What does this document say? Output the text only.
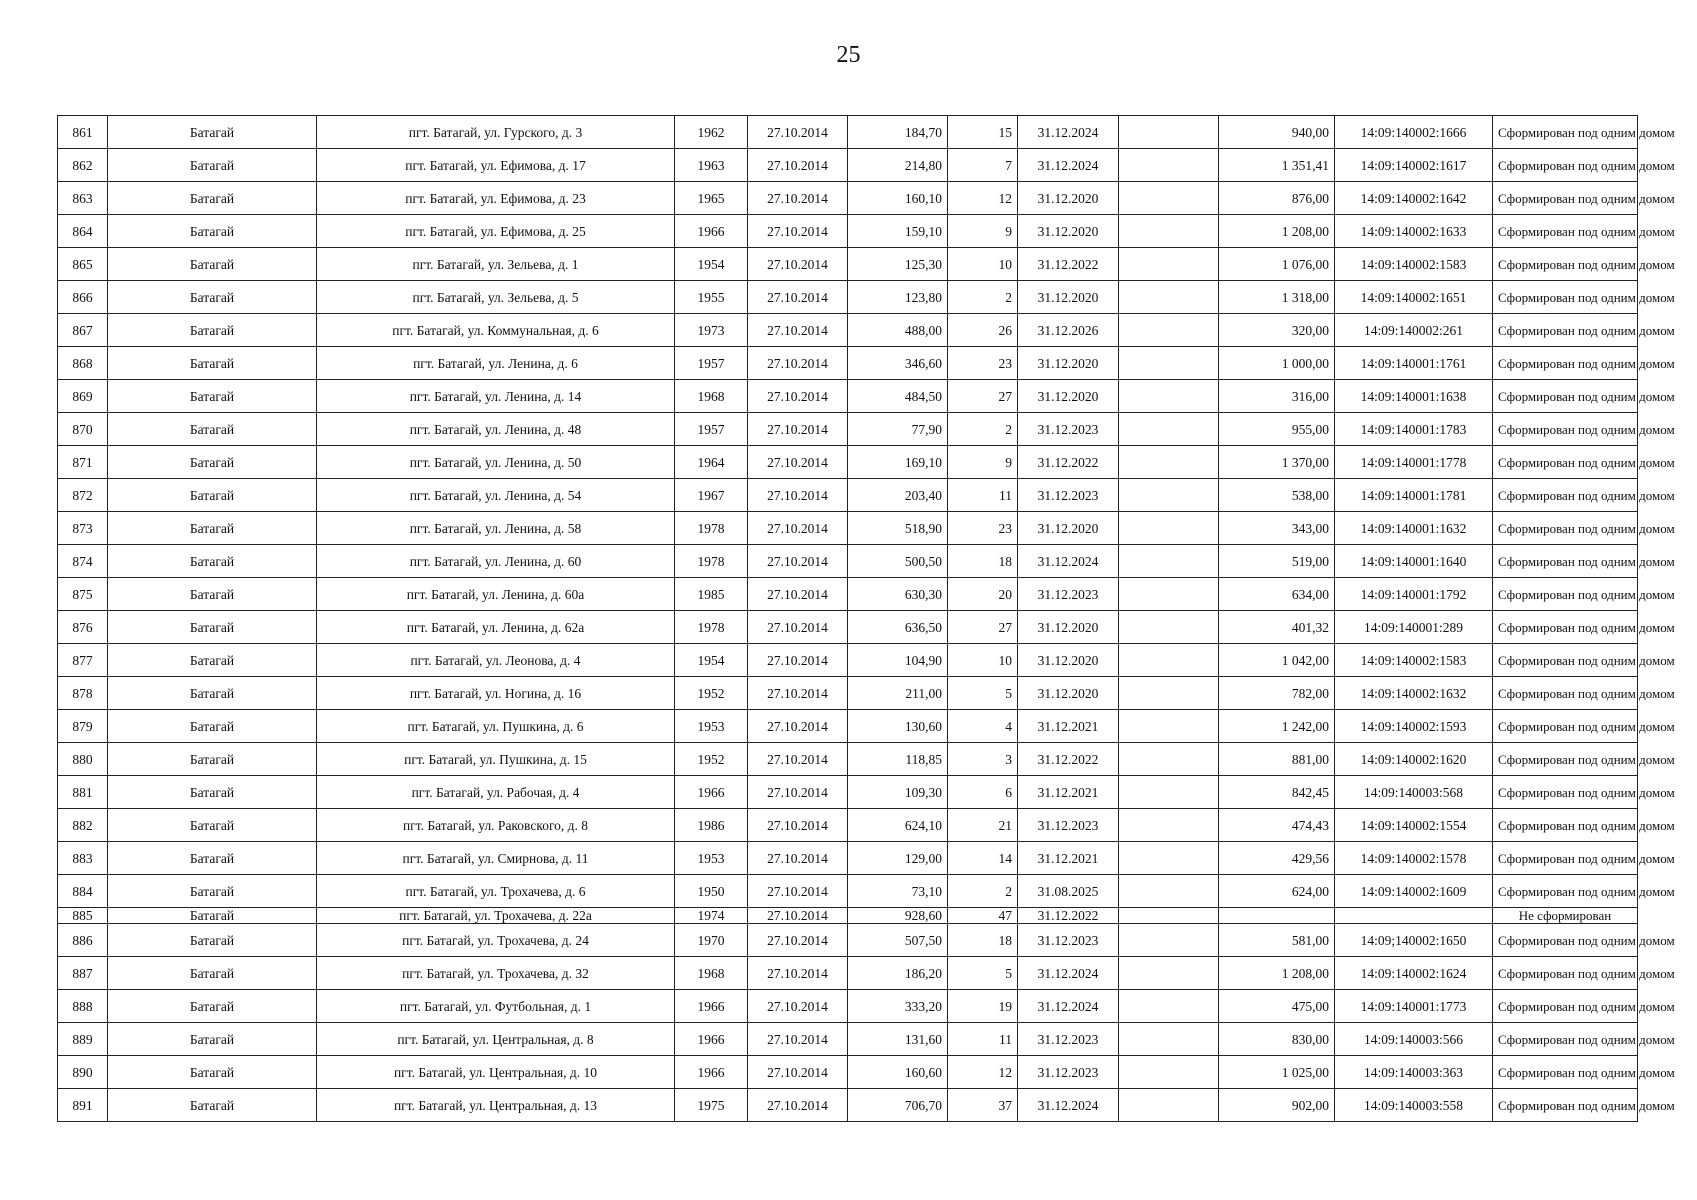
25
861	Батагай	пгт. Батагай, ул. Гурского, д. 3	1962	27.10.2014	184,70	15	31.12.2024		940,00	14:09:140002:1666	Сформирован под одним домом
862	Батагай	пгт. Батагай, ул. Ефимова, д. 17	1963	27.10.2014	214,80	7	31.12.2024		1 351,41	14:09:140002:1617	Сформирован под одним домом
863	Батагай	пгт. Батагай, ул. Ефимова, д. 23	1965	27.10.2014	160,10	12	31.12.2020		876,00	14:09:140002:1642	Сформирован под одним домом
864	Батагай	пгт. Батагай, ул. Ефимова, д. 25	1966	27.10.2014	159,10	9	31.12.2020		1 208,00	14:09:140002:1633	Сформирован под одним домом
865	Батагай	пгт. Батагай, ул. Зельева, д. 1	1954	27.10.2014	125,30	10	31.12.2022		1 076,00	14:09:140002:1583	Сформирован под одним домом
866	Батагай	пгт. Батагай, ул. Зельева, д. 5	1955	27.10.2014	123,80	2	31.12.2020		1 318,00	14:09:140002:1651	Сформирован под одним домом
867	Батагай	пгт. Батагай, ул. Коммунальная, д. 6	1973	27.10.2014	488,00	26	31.12.2026		320,00	14:09:140002:261	Сформирован под одним домом
868	Батагай	пгт. Батагай, ул. Ленина, д. 6	1957	27.10.2014	346,60	23	31.12.2020		1 000,00	14:09:140001:1761	Сформирован под одним домом
869	Батагай	пгт. Батагай, ул. Ленина, д. 14	1968	27.10.2014	484,50	27	31.12.2020		316,00	14:09:140001:1638	Сформирован под одним домом
870	Батагай	пгт. Батагай, ул. Ленина, д. 48	1957	27.10.2014	77,90	2	31.12.2023		955,00	14:09:140001:1783	Сформирован под одним домом
871	Батагай	пгт. Батагай, ул. Ленина, д. 50	1964	27.10.2014	169,10	9	31.12.2022		1 370,00	14:09:140001:1778	Сформирован под одним домом
872	Батагай	пгт. Батагай, ул. Ленина, д. 54	1967	27.10.2014	203,40	11	31.12.2023		538,00	14:09:140001:1781	Сформирован под одним домом
873	Батагай	пгт. Батагай, ул. Ленина, д. 58	1978	27.10.2014	518,90	23	31.12.2020		343,00	14:09:140001:1632	Сформирован под одним домом
874	Батагай	пгт. Батагай, ул. Ленина, д. 60	1978	27.10.2014	500,50	18	31.12.2024		519,00	14:09:140001:1640	Сформирован под одним домом
875	Батагай	пгт. Батагай, ул. Ленина, д. 60а	1985	27.10.2014	630,30	20	31.12.2023		634,00	14:09:140001:1792	Сформирован под одним домом
876	Батагай	пгт. Батагай, ул. Ленина, д. 62а	1978	27.10.2014	636,50	27	31.12.2020		401,32	14:09:140001:289	Сформирован под одним домом
877	Батагай	пгт. Батагай, ул. Леонова, д. 4	1954	27.10.2014	104,90	10	31.12.2020		1 042,00	14:09:140002:1583	Сформирован под одним домом
878	Батагай	пгт. Батагай, ул. Ногина, д. 16	1952	27.10.2014	211,00	5	31.12.2020		782,00	14:09:140002:1632	Сформирован под одним домом
879	Батагай	пгт. Батагай, ул. Пушкина, д. 6	1953	27.10.2014	130,60	4	31.12.2021		1 242,00	14:09:140002:1593	Сформирован под одним домом
880	Батагай	пгт. Батагай, ул. Пушкина, д. 15	1952	27.10.2014	118,85	3	31.12.2022		881,00	14:09:140002:1620	Сформирован под одним домом
881	Батагай	пгт. Батагай, ул. Рабочая, д. 4	1966	27.10.2014	109,30	6	31.12.2021		842,45	14:09:140003:568	Сформирован под одним домом
882	Батагай	пгт. Батагай, ул. Раковского, д. 8	1986	27.10.2014	624,10	21	31.12.2023		474,43	14:09:140002:1554	Сформирован под одним домом
883	Батагай	пгт. Батагай, ул. Смирнова, д. 11	1953	27.10.2014	129,00	14	31.12.2021		429,56	14:09:140002:1578	Сформирован под одним домом
884	Батагай	пгт. Батагай, ул. Трохачева, д. 6	1950	27.10.2014	73,10	2	31.08.2025		624,00	14:09:140002:1609	Сформирован под одним домом
885	Батагай	пгт. Батагай, ул. Трохачева, д. 22а	1974	27.10.2014	928,60	47	31.12.2022				Не сформирован
886	Батагай	пгт. Батагай, ул. Трохачева, д. 24	1970	27.10.2014	507,50	18	31.12.2023		581,00	14:09;140002:1650	Сформирован под одним домом
887	Батагай	пгт. Батагай, ул. Трохачева, д. 32	1968	27.10.2014	186,20	5	31.12.2024		1 208,00	14:09:140002:1624	Сформирован под одним домом
888	Батагай	пгт. Батагай, ул. Футбольная, д. 1	1966	27.10.2014	333,20	19	31.12.2024		475,00	14:09:140001:1773	Сформирован под одним домом
889	Батагай	пгт. Батагай, ул. Центральная, д. 8	1966	27.10.2014	131,60	11	31.12.2023		830,00	14:09:140003:566	Сформирован под одним домом
890	Батагай	пгт. Батагай, ул. Центральная, д. 10	1966	27.10.2014	160,60	12	31.12.2023		1 025,00	14:09:140003:363	Сформирован под одним домом
891	Батагай	пгт. Батагай, ул. Центральная, д. 13	1975	27.10.2014	706,70	37	31.12.2024		902,00	14:09:140003:558	Сформирован под одним домом
